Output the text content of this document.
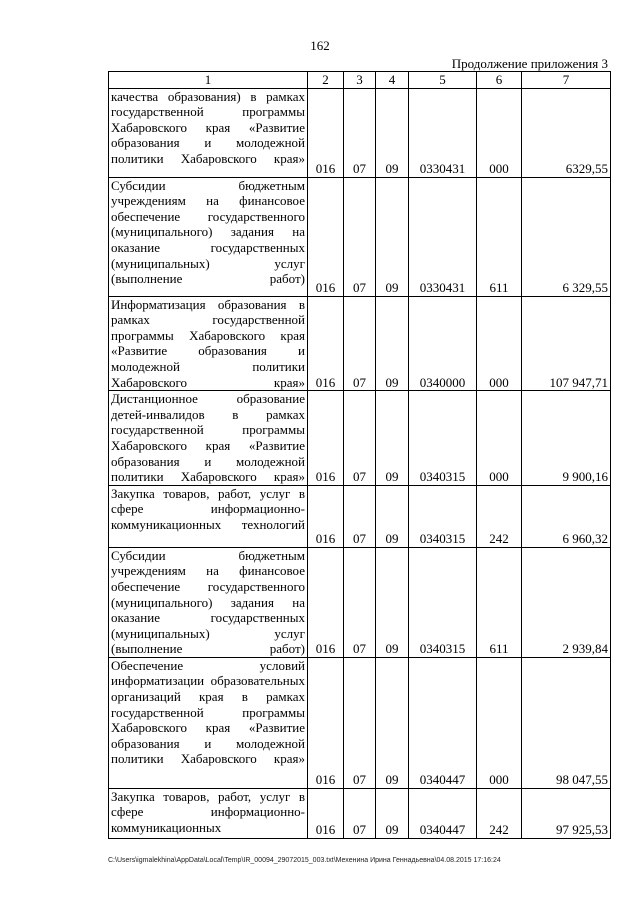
162
Продолжение приложения 3
1	2	3	4	5	6	7
качества образования) в рамках государственной программы Хабаровского края «Развитие образования и молодежной политики Хабаровского края»	016	07	09	0330431	000	6329,55
Субсидии бюджетным учреждениям на финансовое обеспечение государственного (муниципального) задания на оказание государственных (муниципальных) услуг (выполнение работ)	016	07	09	0330431	611	6 329,55
Информатизация образования в рамках государственной программы Хабаровского края «Развитие образования и молодежной политики Хабаровского края»	016	07	09	0340000	000	107 947,71
Дистанционное образование детей-инвалидов в рамках государственной программы Хабаровского края «Развитие образования и молодежной политики Хабаровского края»	016	07	09	0340315	000	9 900,16
Закупка товаров, работ, услуг в сфере информационно-коммуникационных технологий	016	07	09	0340315	242	6 960,32
Субсидии бюджетным учреждениям на финансовое обеспечение государственного (муниципального) задания на оказание государственных (муниципальных) услуг (выполнение работ)	016	07	09	0340315	611	2 939,84
Обеспечение условий информатизации образовательных организаций края в рамках государственной программы Хабаровского края «Развитие образования и молодежной политики Хабаровского края»	016	07	09	0340447	000	98 047,55
Закупка товаров, работ, услуг в сфере информационно-коммуникационных	016	07	09	0340447	242	97 925,53
C:\Users\igmalekhina\AppData\Local\Temp\IR_00094_29072015_003.txt\Мехенина Ирина Геннадьевна\04.08.2015 17:16:24
